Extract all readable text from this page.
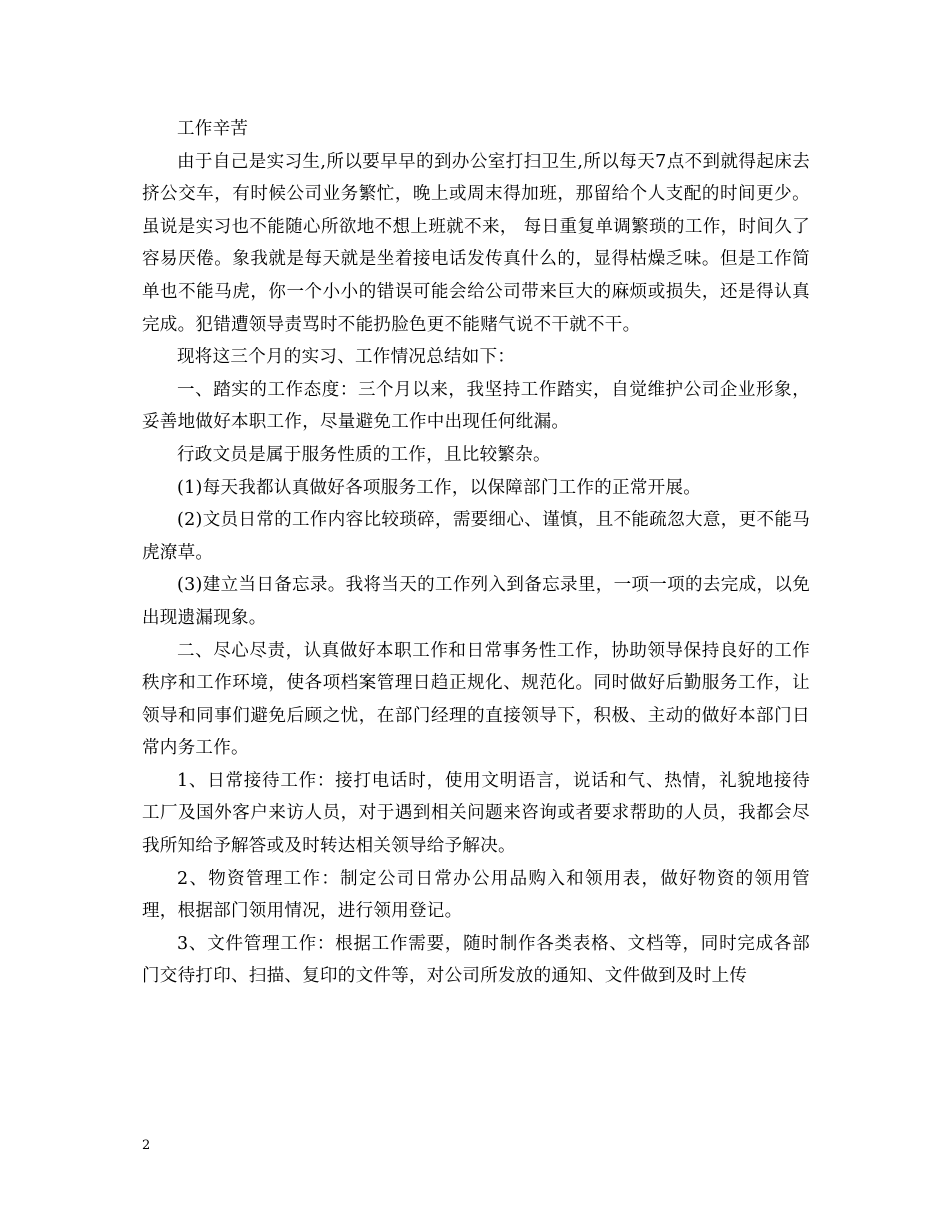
工作辛苦

由于自己是实习生,所以要早早的到办公室打扫卫生,所以每天7点不到就得起床去挤公交车，有时候公司业务繁忙，晚上或周末得加班，那留给个人支配的时间更少。虽说是实习也不能随心所欲地不想上班就不来， 每日重复单调繁琐的工作，时间久了容易厌倦。象我就是每天就是坐着接电话发传真什么的，显得枯燥乏味。但是工作简单也不能马虎，你一个小小的错误可能会给公司带来巨大的麻烦或损失，还是得认真完成。犯错遭领导责骂时不能扔脸色更不能赌气说不干就不干。

现将这三个月的实习、工作情况总结如下：

一、踏实的工作态度：三个月以来，我坚持工作踏实，自觉维护公司企业形象，妥善地做好本职工作，尽量避免工作中出现任何纰漏。

行政文员是属于服务性质的工作，且比较繁杂。

(1)每天我都认真做好各项服务工作，以保障部门工作的正常开展。

(2)文员日常的工作内容比较琐碎，需要细心、谨慎，且不能疏忽大意，更不能马虎潦草。

(3)建立当日备忘录。我将当天的工作列入到备忘录里，一项一项的去完成，以免出现遗漏现象。

二、尽心尽责，认真做好本职工作和日常事务性工作，协助领导保持良好的工作秩序和工作环境，使各项档案管理日趋正规化、规范化。同时做好后勤服务工作，让领导和同事们避免后顾之忧，在部门经理的直接领导下，积极、主动的做好本部门日常内务工作。

1、日常接待工作：接打电话时，使用文明语言，说话和气、热情，礼貌地接待工厂及国外客户来访人员，对于遇到相关问题来咨询或者要求帮助的人员，我都会尽我所知给予解答或及时转达相关领导给予解决。

2、物资管理工作：制定公司日常办公用品购入和领用表，做好物资的领用管理，根据部门领用情况，进行领用登记。

3、文件管理工作：根据工作需要，随时制作各类表格、文档等，同时完成各部门交待打印、扫描、复印的文件等，对公司所发放的通知、文件做到及时上传

2
